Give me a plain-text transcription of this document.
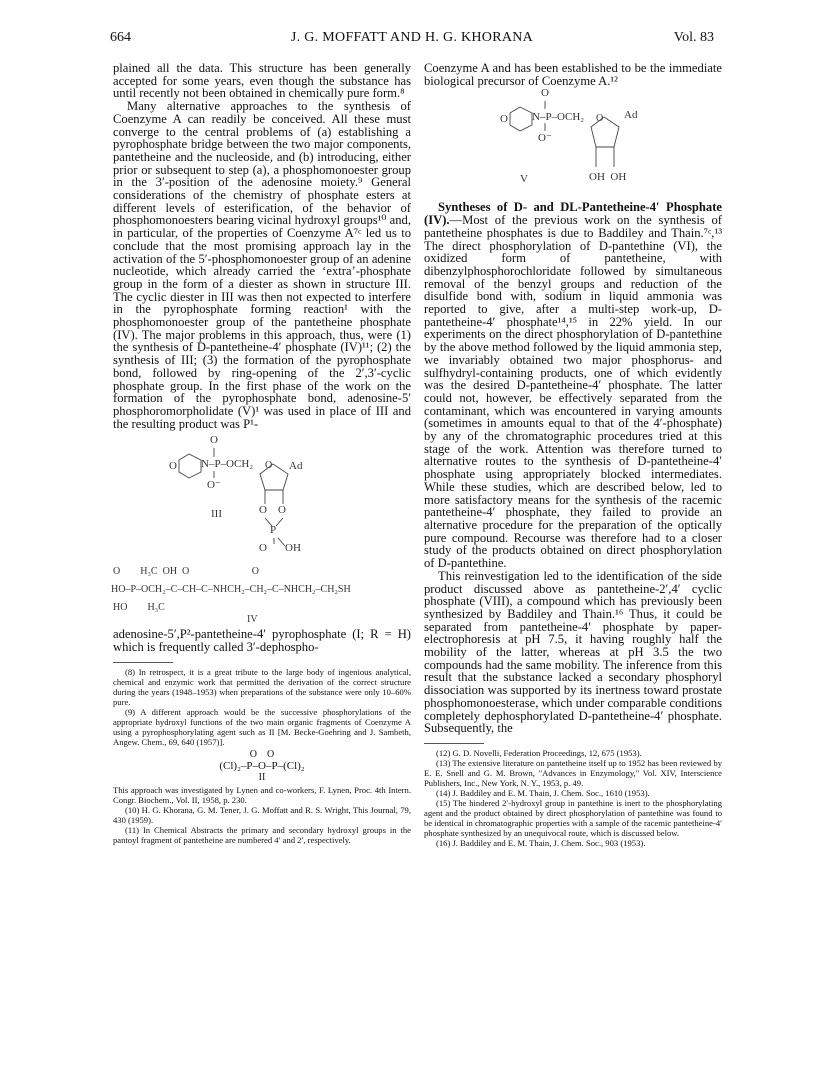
664	J. G. MOFFATT AND H. G. KHORANA	Vol. 83

plained all the data. This structure has been generally accepted for some years, even though the substance has until recently not been obtained in chemically pure form.⁸

Many alternative approaches to the synthesis of Coenzyme A can readily be conceived. All these must converge to the central problems of (a) establishing a pyrophosphate bridge between the two major components, pantetheine and the nucleoside, and (b) introducing, either prior or subsequent to step (a), a phosphomonoester group in the 3′-position of the adenosine moiety.⁹ General considerations of the chemistry of phosphate esters at different levels of esterification, of the behavior of phosphomonoesters bearing vicinal hydroxyl groups¹⁰ and, in particular, of the properties of Coenzyme A⁷ᶜ led us to conclude that the most promising approach lay in the activation of the 5′-phosphomonoester group of an adenine nucleotide, which already carried the ‘extra’-phosphate group in the form of a diester as shown in structure III. The cyclic diester in III was then not expected to interfere in the pyrophosphate forming reaction¹ with the phosphomonoester group of the pantetheine phosphate (IV). The major problems in this approach, thus, were (1) the synthesis of D-pantetheine-4′ phosphate (IV)¹¹; (2) the synthesis of III; (3) the formation of the pyrophosphate bond, followed by ring-opening of the 2′,3′-cyclic phosphate group. In the first phase of the work on the formation of the pyrophosphate bond, adenosine-5′ phosphoromorpholidate (V)¹ was used in place of III and the resulting product was P¹-

O
O N–P–OCH₂ O Ad
O⁻
III	O O
P
O OH
O        H₃C  OH  O                         O
HO–P–OCH₂–C–CH–C–NHCH₂–CH₂–C–NHCH₂–CH₂SH
HO        H₃C
IV

adenosine-5′,P²-pantetheine-4′ pyrophosphate (I; R = H) which is frequently called 3′-dephospho-

(8) In retrospect, it is a great tribute to the large body of ingenious analytical, chemical and enzymic work that permitted the derivation of the correct structure during the years (1948–1953) when preparations of the substance were only 10–60% pure.

(9) A different approach would be the successive phosphorylations of the appropriate hydroxyl functions of the two main organic fragments of Coenzyme A using a pyrophosphorylating agent such as II [M. Becke-Goehring and J. Sambeth, Angew. Chem., 69, 640 (1957)].

O    O
(Cl)₂–P–O–P–(Cl)₂
II

This approach was investigated by Lynen and co-workers, F. Lynen, Proc. 4th Intern. Congr. Biochem., Vol. II, 1958, p. 230.

(10) H. G. Khorana, G. M. Tener, J. G. Moffatt and R. S. Wright, This Journal, 79, 430 (1959).

(11) In Chemical Abstracts the primary and secondary hydroxyl groups in the pantoyl fragment of pantetheine are numbered 4′ and 2′, respectively.

Coenzyme A and has been established to be the immediate biological precursor of Coenzyme A.¹²

O
O N–P–OCH₂ O Ad
O⁻
V	OH  OH

Syntheses of D- and DL-Pantetheine-4′ Phosphate (IV).—Most of the previous work on the synthesis of pantetheine phosphates is due to Baddiley and Thain.⁷ᶜ,¹³ The direct phosphorylation of D-pantethine (VI), the oxidized form of pantetheine, with dibenzylphosphorochloridate followed by simultaneous removal of the benzyl groups and reduction of the disulfide bond with, sodium in liquid ammonia was reported to give, after a multi-step work-up, D-pantetheine-4′ phosphate¹⁴,¹⁵ in 22% yield. In our experiments on the direct phosphorylation of D-pantethine by the above method followed by the liquid ammonia step, we invariably obtained two major phosphorus- and sulfhydryl-containing products, one of which evidently was the desired D-pantetheine-4′ phosphate. The latter could not, however, be effectively separated from the contaminant, which was encountered in varying amounts (sometimes in amounts equal to that of the 4′-phosphate) by any of the chromatographic procedures tried at this stage of the work. Attention was therefore turned to alternative routes to the synthesis of D-pantetheine-4′ phosphate using appropriately blocked intermediates. While these studies, which are described below, led to more satisfactory means for the synthesis of the racemic pantetheine-4′ phosphate, they failed to provide an alternative procedure for the preparation of the optically pure compound. Recourse was therefore had to a closer study of the products obtained on direct phosphorylation of D-pantethine.

This reinvestigation led to the identification of the side product discussed above as pantetheine-2′,4′ cyclic phosphate (VIII), a compound which has previously been synthesized by Baddiley and Thain.¹⁶ Thus, it could be separated from pantetheine-4′ phosphate by paper-electrophoresis at pH 7.5, it having roughly half the mobility of the latter, whereas at pH 3.5 the two compounds had the same mobility. The inference from this result that the substance lacked a secondary phosphoryl dissociation was supported by its inertness toward prostate phosphomonoesterase, which under comparable conditions completely dephosphorylated D-pantetheine-4′ phosphate. Subsequently, the

(12) G. D. Novelli, Federation Proceedings, 12, 675 (1953).

(13) The extensive literature on pantetheine itself up to 1952 has been reviewed by E. E. Snell and G. M. Brown, "Advances in Enzymology," Vol. XIV, Interscience Publishers, Inc., New York, N. Y., 1953, p. 49.

(14) J. Baddiley and E. M. Thain, J. Chem. Soc., 1610 (1953).

(15) The hindered 2′-hydroxyl group in pantethine is inert to the phosphorylating agent and the product obtained by direct phosphorylation of pantethine was found to be identical in chromatographic properties with a sample of the racemic pantetheine-4′ phosphate synthesized by an unequivocal route, which is discussed below.

(16) J. Baddiley and E. M. Thain, J. Chem. Soc., 903 (1953).
